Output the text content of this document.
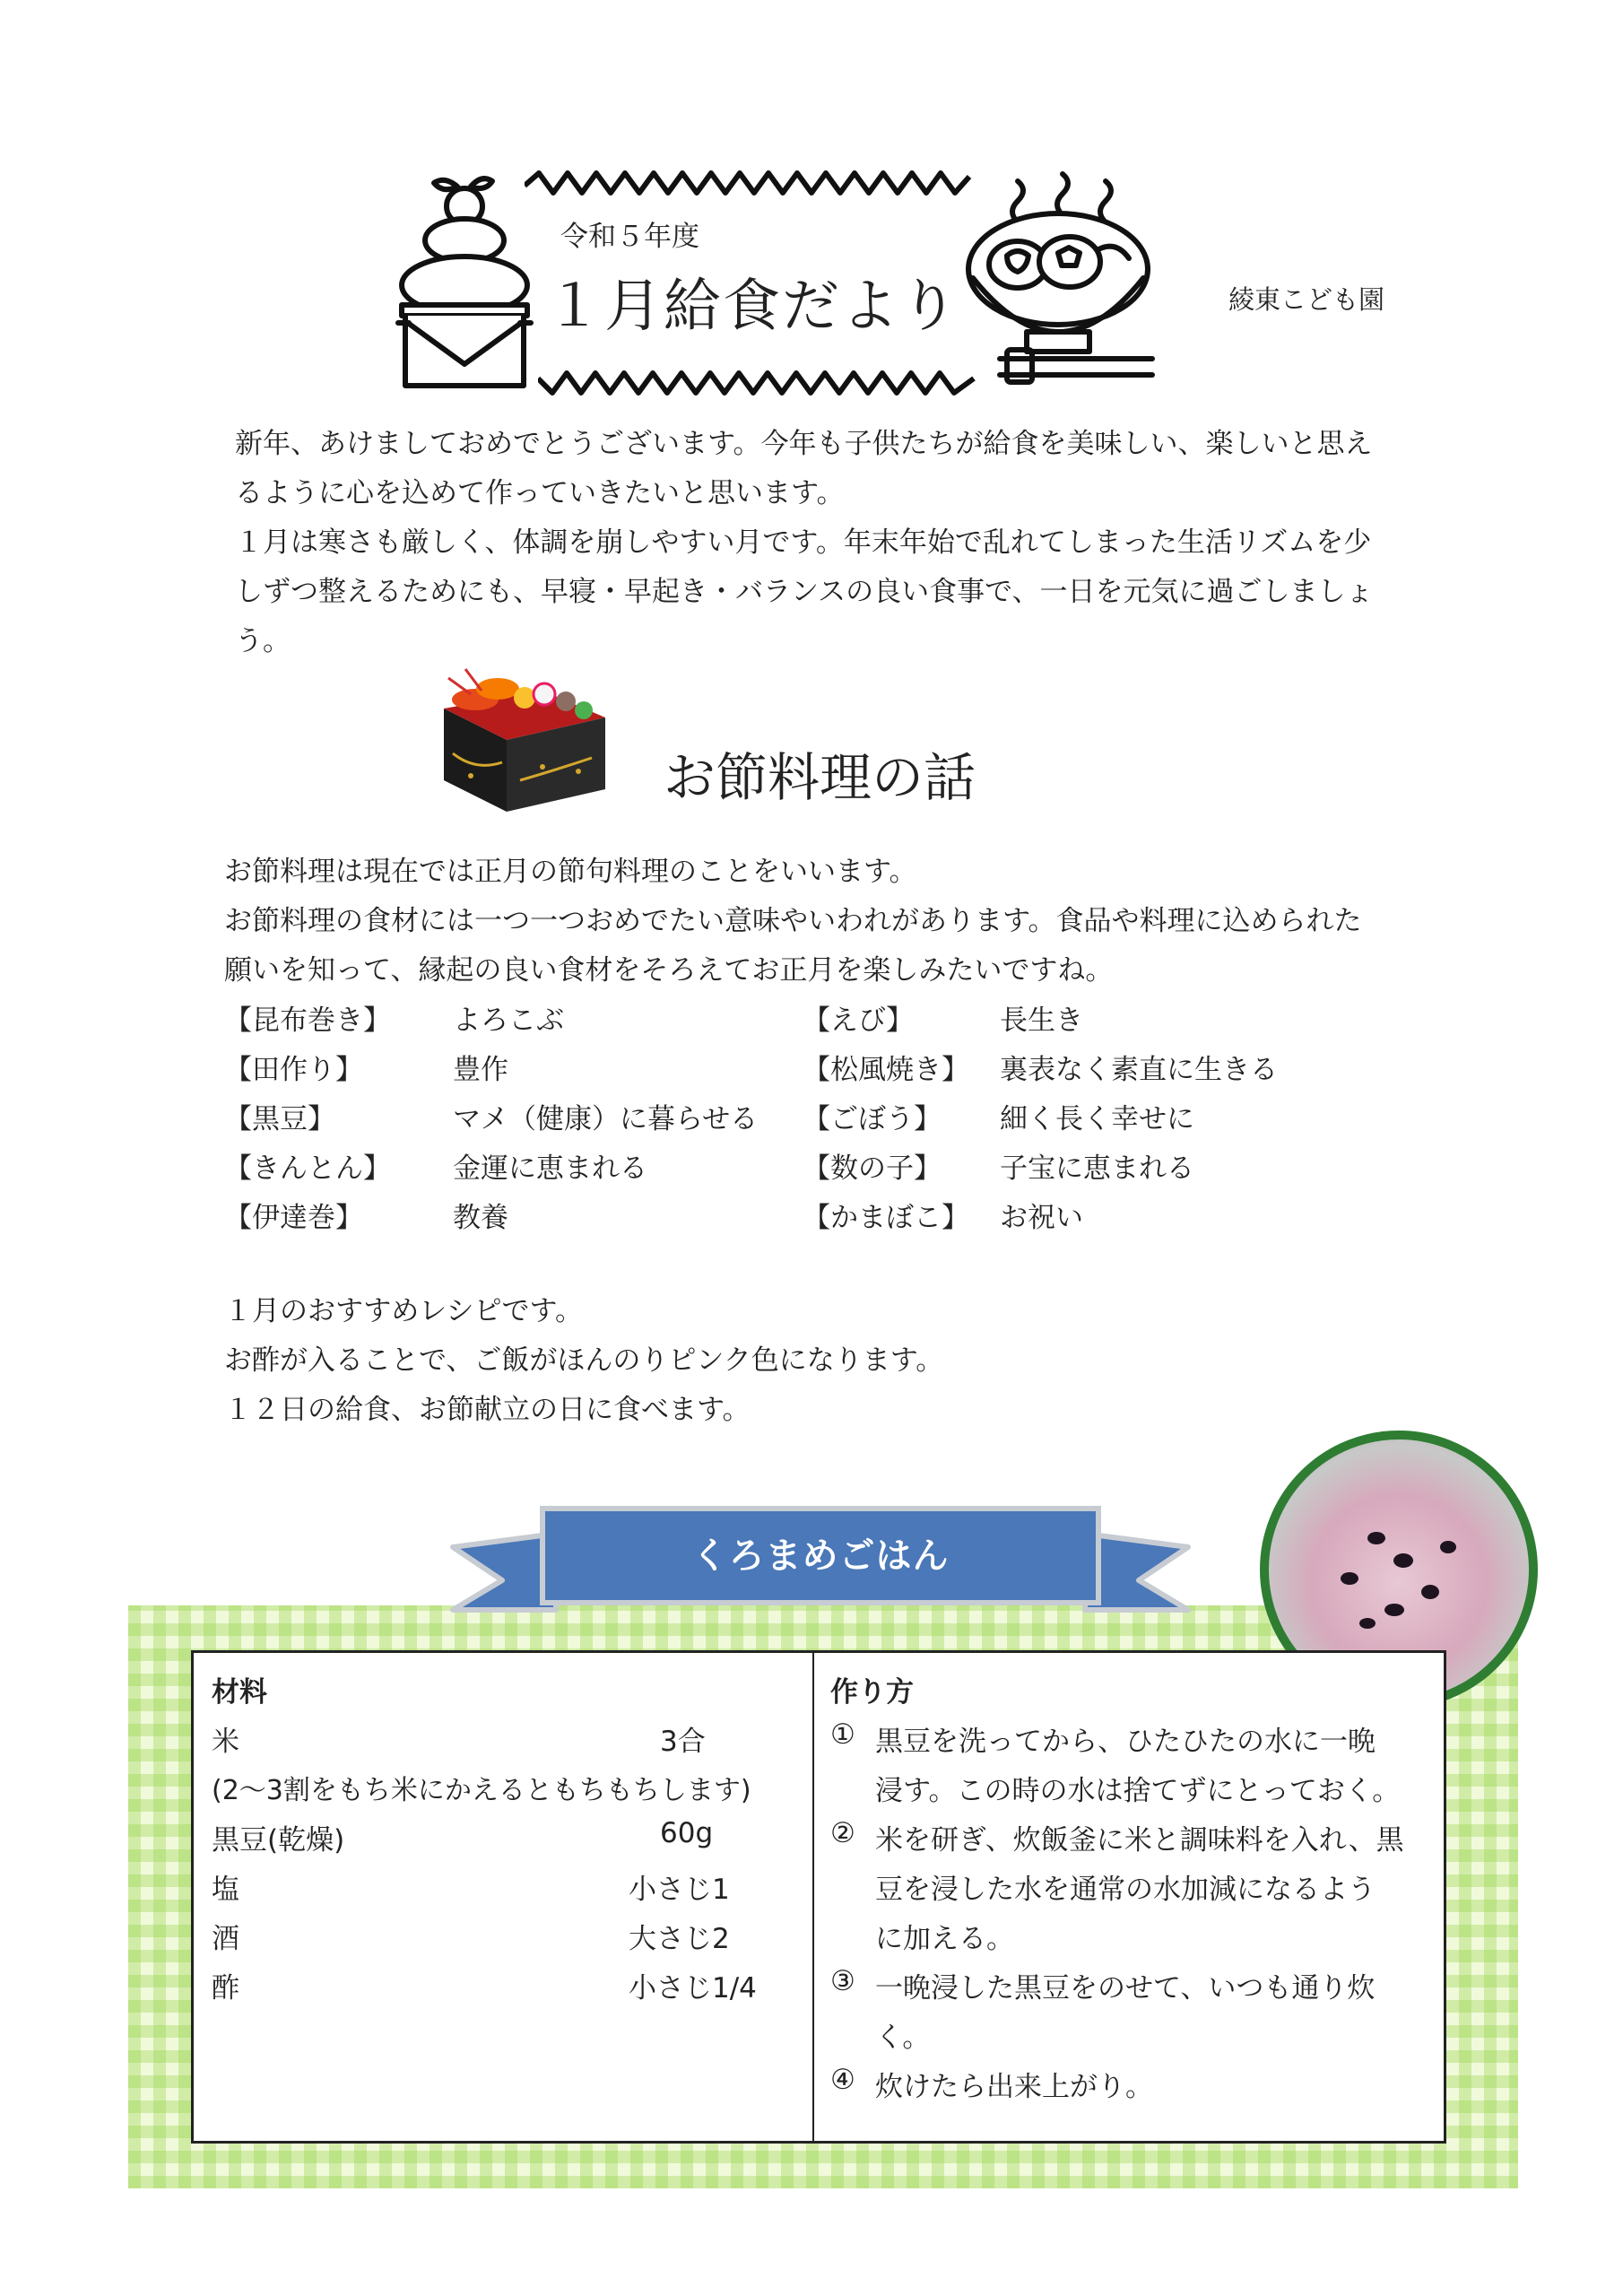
令和５年度
１月給食だより	綾東こども園
新年、あけましておめでとうございます。今年も子供たちが給食を美味しい、楽しいと思え
るように心を込めて作っていきたいと思います。
１月は寒さも厳しく、体調を崩しやすい月です。年末年始で乱れてしまった生活リズムを少
しずつ整えるためにも、早寝・早起き・バランスの良い食事で、一日を元気に過ごしましょ
う。
お節料理の話
お節料理は現在では正月の節句料理のことをいいます。
お節料理の食材には一つ一つおめでたい意味やいわれがあります。食品や料理に込められた
願いを知って、縁起の良い食材をそろえてお正月を楽しみたいですね。
【昆布巻き】 よろこぶ	【えび】	長生き
【田作り】	豊作	【松風焼き】 裏表なく素直に生きる
【黒豆】	マメ（健康）に暮らせる 【ごぼう】 細く長く幸せに
【きんとん】 金運に恵まれる	【数の子】 子宝に恵まれる
【伊達巻】	教養	【かまぼこ】 お祝い
１月のおすすめレシピです。
お酢が入ることで、ご飯がほんのりピンク色になります。
１２日の給食、お節献立の日に食べます。
くろまめごはん
材料
米	3合
(2～3割をもち米にかえるともちもちします)
黒豆(乾燥)	60g
塩	小さじ1
酒	大さじ2
酢	小さじ1/4
作り方
① 黒豆を洗ってから、ひたひたの水に一晩
浸す。この時の水は捨てずにとっておく。
② 米を研ぎ、炊飯釜に米と調味料を入れ、黒
豆を浸した水を通常の水加減になるよう
に加える。
③ 一晩浸した黒豆をのせて、いつも通り炊
く。
④ 炊けたら出来上がり。
